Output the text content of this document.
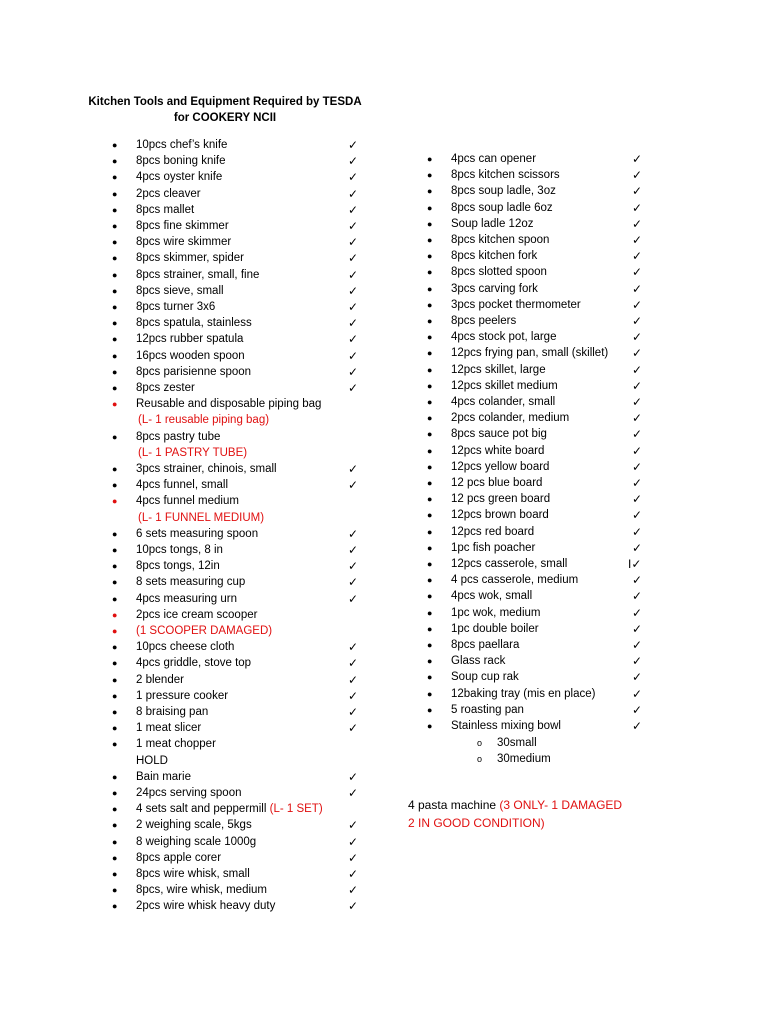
Kitchen Tools and Equipment Required by TESDA
for COOKERY NCII
●	10pcs chef’s knife	✓
●	8pcs boning knife	✓
●	4pcs oyster knife	✓
●	2pcs cleaver	✓
●	8pcs mallet	✓
●	8pcs fine skimmer	✓
●	8pcs wire skimmer	✓
●	8pcs skimmer, spider	✓
●	8pcs strainer, small, fine	✓
●	8pcs sieve, small	✓
●	8pcs turner 3x6	✓
●	8pcs spatula, stainless	✓
●	12pcs rubber spatula	✓
●	16pcs wooden spoon	✓
●	8pcs parisienne spoon	✓
●	8pcs zester	✓
●	Reusable and disposable piping bag
(L- 1 reusable piping bag)
●	8pcs pastry tube
(L- 1 PASTRY TUBE)
●	3pcs strainer, chinois, small	✓
●	4pcs funnel, small	✓
●	4pcs funnel medium
(L- 1 FUNNEL MEDIUM)
●	6 sets measuring spoon	✓
●	10pcs tongs, 8 in	✓
●	8pcs tongs, 12in	✓
●	8 sets measuring cup	✓
●	4pcs measuring urn	✓
●	2pcs ice cream scooper
●	(1 SCOOPER DAMAGED)
●	10pcs cheese cloth	✓
●	4pcs griddle, stove top	✓
●	2 blender	✓
●	1 pressure cooker	✓
●	8 braising pan	✓
●	1 meat slicer	✓
●	1 meat chopper
HOLD
●	Bain marie	✓
●	24pcs serving spoon	✓
●	4 sets salt and peppermill (L- 1 SET)
●	2 weighing scale, 5kgs	✓
●	8 weighing scale 1000g	✓
●	8pcs apple corer	✓
●	8pcs wire whisk, small	✓
●	8pcs, wire whisk, medium	✓
●	2pcs wire whisk heavy duty	✓
●	4pcs can opener	✓
●	8pcs kitchen scissors	✓
●	8pcs soup ladle, 3oz	✓
●	8pcs soup ladle 6oz	✓
●	Soup ladle 12oz	✓
●	8pcs kitchen spoon	✓
●	8pcs kitchen fork	✓
●	8pcs slotted spoon	✓
●	3pcs carving fork	✓
●	3pcs pocket thermometer	✓
●	8pcs peelers	✓
●	4pcs stock pot, large	✓
●	12pcs frying pan, small (skillet) ✓
●	12pcs skillet, large	✓
●	12pcs skillet medium	✓
●	4pcs colander, small	✓
●	2pcs colander, medium	✓
●	8pcs sauce pot big	✓
●	12pcs white board	✓
●	12pcs yellow board	✓
●	12 pcs blue board	✓
●	12 pcs green board	✓
●	12pcs brown board	✓
●	12pcs red board	✓
●	1pc fish poacher	✓
●	12pcs casserole, small	I✓
●	4 pcs casserole, medium	✓
●	4pcs wok, small	✓
●	1pc wok, medium	✓
●	1pc double boiler	✓
●	8pcs paellara	✓
●	Glass rack	✓
●	Soup cup rak	✓
●	12baking tray (mis en place)	✓
●	5 roasting pan	✓
●	Stainless mixing bowl	✓
o 30small
o 30medium
4 pasta machine (3 ONLY- 1 DAMAGED
2 IN GOOD CONDITION)
